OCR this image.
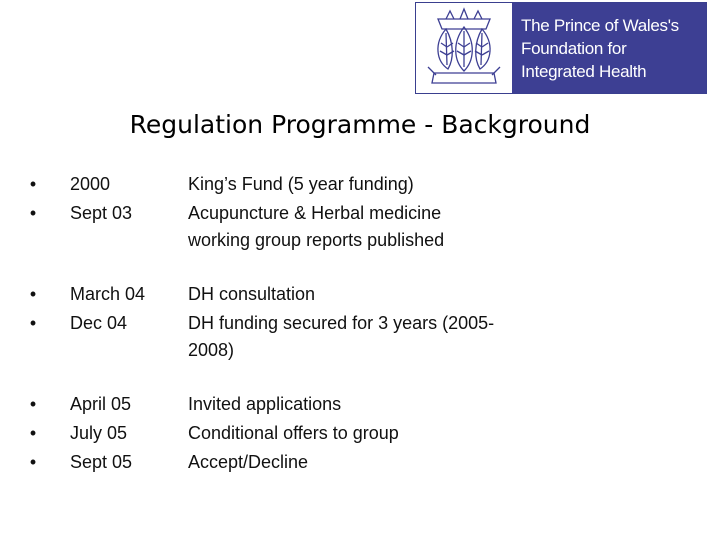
The Prince of Wales's
Foundation for
Integrated Health
Regulation Programme - Background
• 2000	King’s Fund (5 year funding)
• Sept 03	Acupuncture & Herbal medicine working group reports published
• March 04	DH consultation
• Dec 04	DH funding secured for 3 years (2005-2008)
• April 05	Invited applications
• July 05	Conditional offers to group
• Sept 05	Accept/Decline
